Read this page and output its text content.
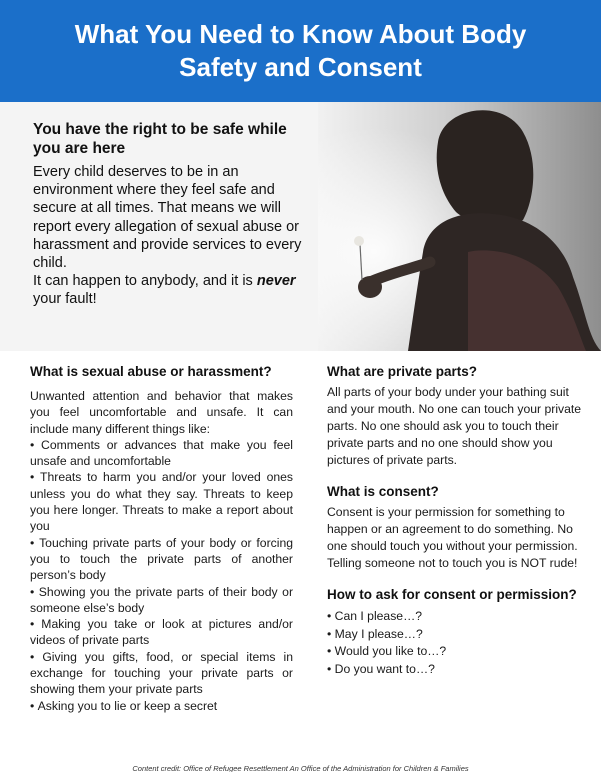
What You Need to Know About Body Safety and Consent
You have the right to be safe while you are here

Every child deserves to be in an environment where they feel safe and secure at all times. That means we will report every allegation of sexual abuse or harassment and provide services to every child.
It can happen to anybody, and it is never your fault!

What is sexual abuse or harassment?

Unwanted attention and behavior that makes you feel uncomfortable and unsafe. It can include many different things like:

• Comments or advances that make you feel unsafe and uncomfortable
• Threats to harm you and/or your loved ones unless you do what they say. Threats to keep you here longer. Threats to make a report about you
• Touching private parts of your body or forcing you to touch the private parts of another person’s body
• Showing you the private parts of their body or someone else’s body
• Making you take or look at pictures and/or videos of private parts
• Giving you gifts, food, or special items in exchange for touching your private parts or showing them your private parts
• Asking you to lie or keep a secret
What are private parts?

All parts of your body under your bathing suit and your mouth. No one can touch your private parts. No one should ask you to touch their private parts and no one should show you pictures of private parts.

What is consent?

Consent is your permission for something to happen or an agreement to do something. No one should touch you without your permission. Telling someone not to touch you is NOT rude!

How to ask for consent or permission?
• Can I please…?
• May I please…?
• Would you like to…?
• Do you want to…?
Content credit: Office of Refugee Resettlement An Office of the Administration for Children & Families
